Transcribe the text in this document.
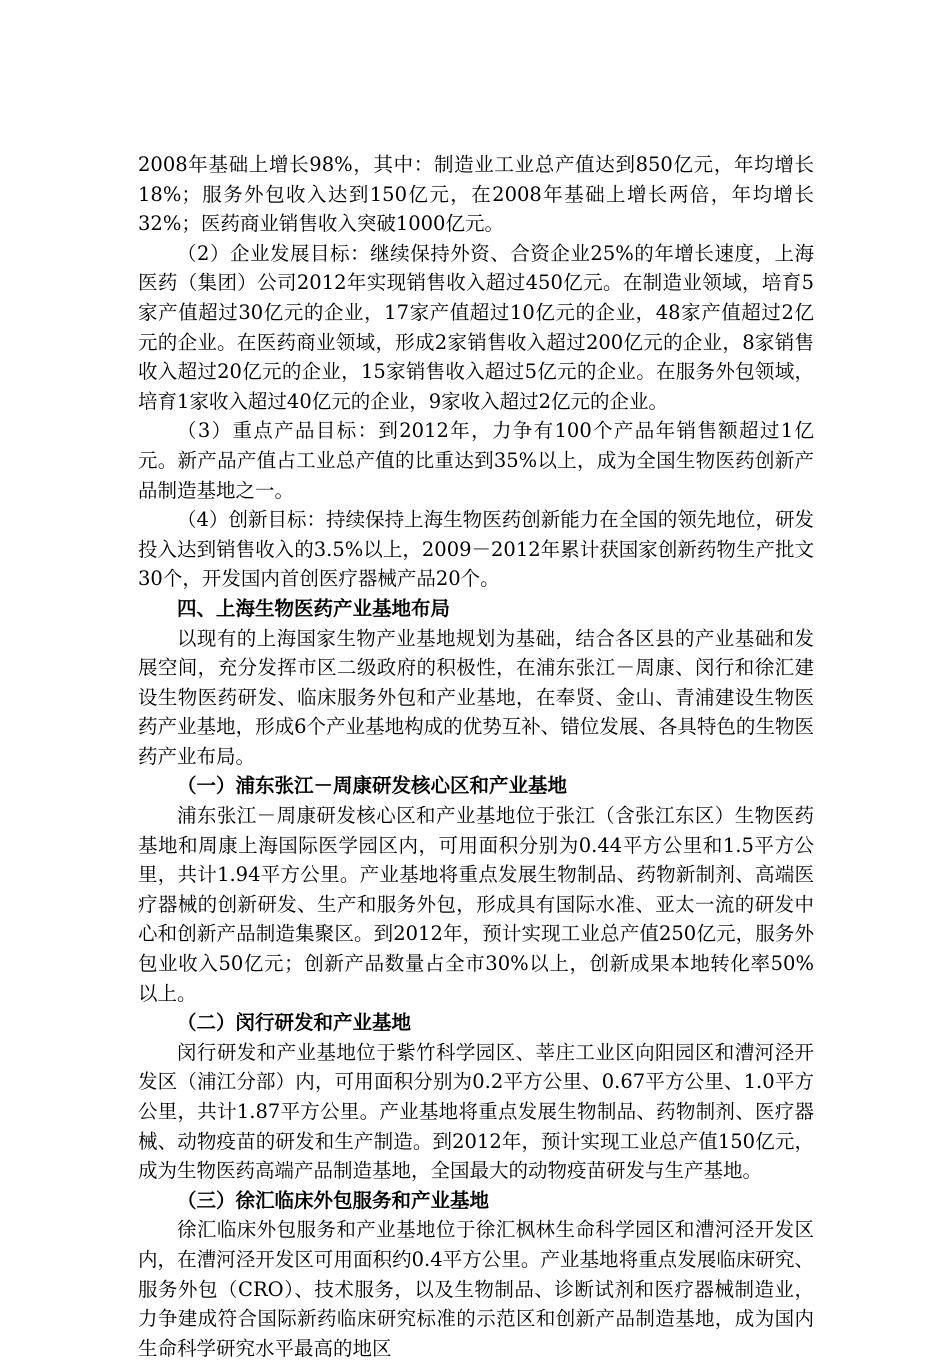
2008年基础上增长98%，其中：制造业工业总产值达到850亿元，年均增长18%；服务外包收入达到150亿元，在2008年基础上增长两倍，年均增长32%；医药商业销售收入突破1000亿元。

（2）企业发展目标：继续保持外资、合资企业25%的年增长速度，上海医药（集团）公司2012年实现销售收入超过450亿元。在制造业领域，培育5家产值超过30亿元的企业，17家产值超过10亿元的企业，48家产值超过2亿元的企业。在医药商业领域，形成2家销售收入超过200亿元的企业，8家销售收入超过20亿元的企业，15家销售收入超过5亿元的企业。在服务外包领域，培育1家收入超过40亿元的企业，9家收入超过2亿元的企业。

（3）重点产品目标：到2012年，力争有100个产品年销售额超过1亿元。新产品产值占工业总产值的比重达到35%以上，成为全国生物医药创新产品制造基地之一。

（4）创新目标：持续保持上海生物医药创新能力在全国的领先地位，研发投入达到销售收入的3.5%以上，2009－2012年累计获国家创新药物生产批文30个，开发国内首创医疗器械产品20个。

四、上海生物医药产业基地布局

以现有的上海国家生物产业基地规划为基础，结合各区县的产业基础和发展空间，充分发挥市区二级政府的积极性，在浦东张江－周康、闵行和徐汇建设生物医药研发、临床服务外包和产业基地，在奉贤、金山、青浦建设生物医药产业基地，形成6个产业基地构成的优势互补、错位发展、各具特色的生物医药产业布局。

（一）浦东张江－周康研发核心区和产业基地

浦东张江－周康研发核心区和产业基地位于张江（含张江东区）生物医药基地和周康上海国际医学园区内，可用面积分别为0.44平方公里和1.5平方公里，共计1.94平方公里。产业基地将重点发展生物制品、药物新制剂、高端医疗器械的创新研发、生产和服务外包，形成具有国际水准、亚太一流的研发中心和创新产品制造集聚区。到2012年，预计实现工业总产值250亿元，服务外包业收入50亿元；创新产品数量占全市30%以上，创新成果本地转化率50%以上。

（二）闵行研发和产业基地

闵行研发和产业基地位于紫竹科学园区、莘庄工业区向阳园区和漕河泾开发区（浦江分部）内，可用面积分别为0.2平方公里、0.67平方公里、1.0平方公里，共计1.87平方公里。产业基地将重点发展生物制品、药物制剂、医疗器械、动物疫苗的研发和生产制造。到2012年，预计实现工业总产值150亿元，成为生物医药高端产品制造基地，全国最大的动物疫苗研发与生产基地。

（三）徐汇临床外包服务和产业基地

徐汇临床外包服务和产业基地位于徐汇枫林生命科学园区和漕河泾开发区内，在漕河泾开发区可用面积约0.4平方公里。产业基地将重点发展临床研究、服务外包（CRO）、技术服务，以及生物制品、诊断试剂和医疗器械制造业，力争建成符合国际新药临床研究标准的示范区和创新产品制造基地，成为国内生命科学研究水平最高的地区
